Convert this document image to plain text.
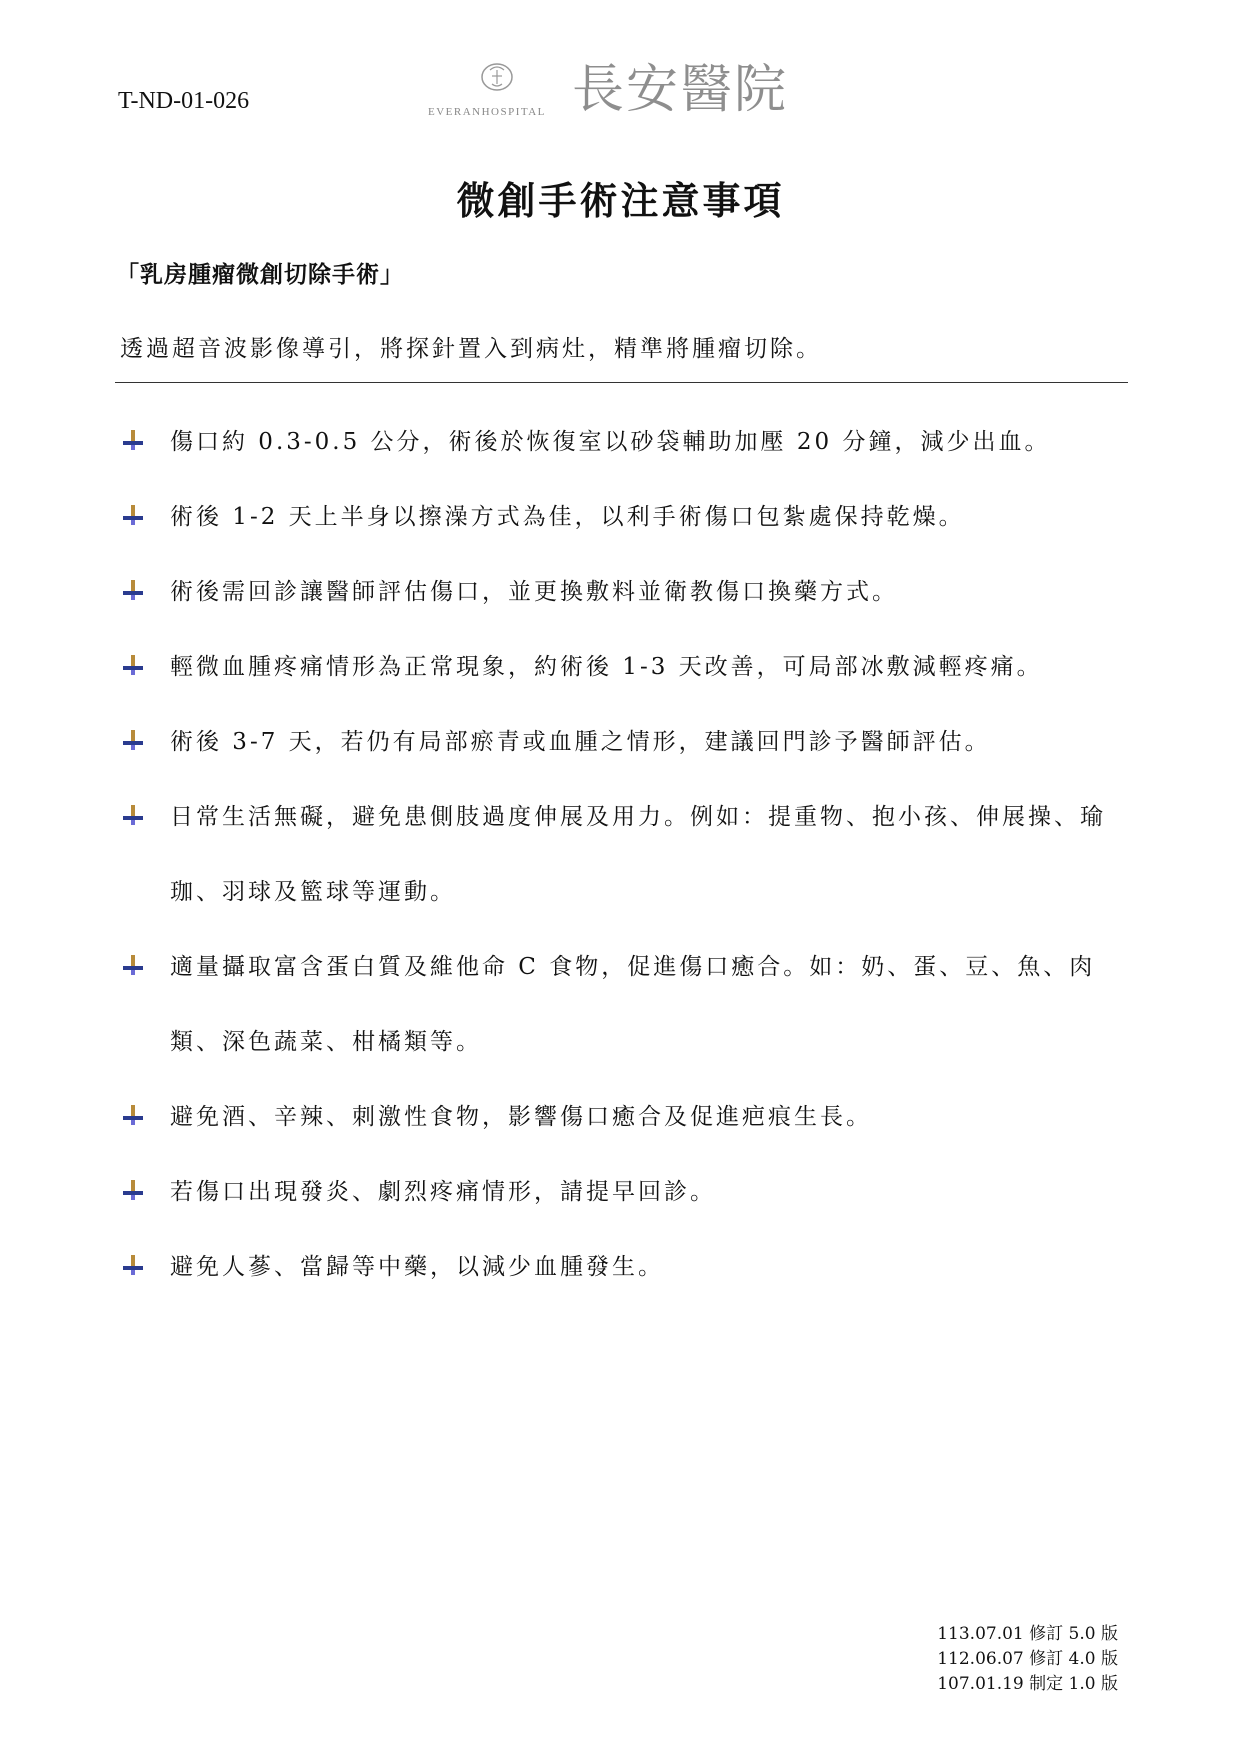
T-ND-01-026	EVERANHOSPITAL 長安醫院
微創手術注意事項
「乳房腫瘤微創切除手術」
透過超音波影像導引，將探針置入到病灶，精準將腫瘤切除。
傷口約 0.3-0.5 公分，術後於恢復室以砂袋輔助加壓 20 分鐘，減少出血。
術後 1-2 天上半身以擦澡方式為佳，以利手術傷口包紮處保持乾燥。
術後需回診讓醫師評估傷口，並更換敷料並衛教傷口換藥方式。
輕微血腫疼痛情形為正常現象，約術後 1-3 天改善，可局部冰敷減輕疼痛。
術後 3-7 天，若仍有局部瘀青或血腫之情形，建議回門診予醫師評估。
日常生活無礙，避免患側肢過度伸展及用力。例如：提重物、抱小孩、伸展操、瑜珈、羽球及籃球等運動。
適量攝取富含蛋白質及維他命 C 食物，促進傷口癒合。如：奶、蛋、豆、魚、肉類、深色蔬菜、柑橘類等。
避免酒、辛辣、刺激性食物，影響傷口癒合及促進疤痕生長。
若傷口出現發炎、劇烈疼痛情形，請提早回診。
避免人蔘、當歸等中藥，以減少血腫發生。
113.07.01 修訂 5.0 版
112.06.07 修訂 4.0 版
107.01.19 制定 1.0 版
